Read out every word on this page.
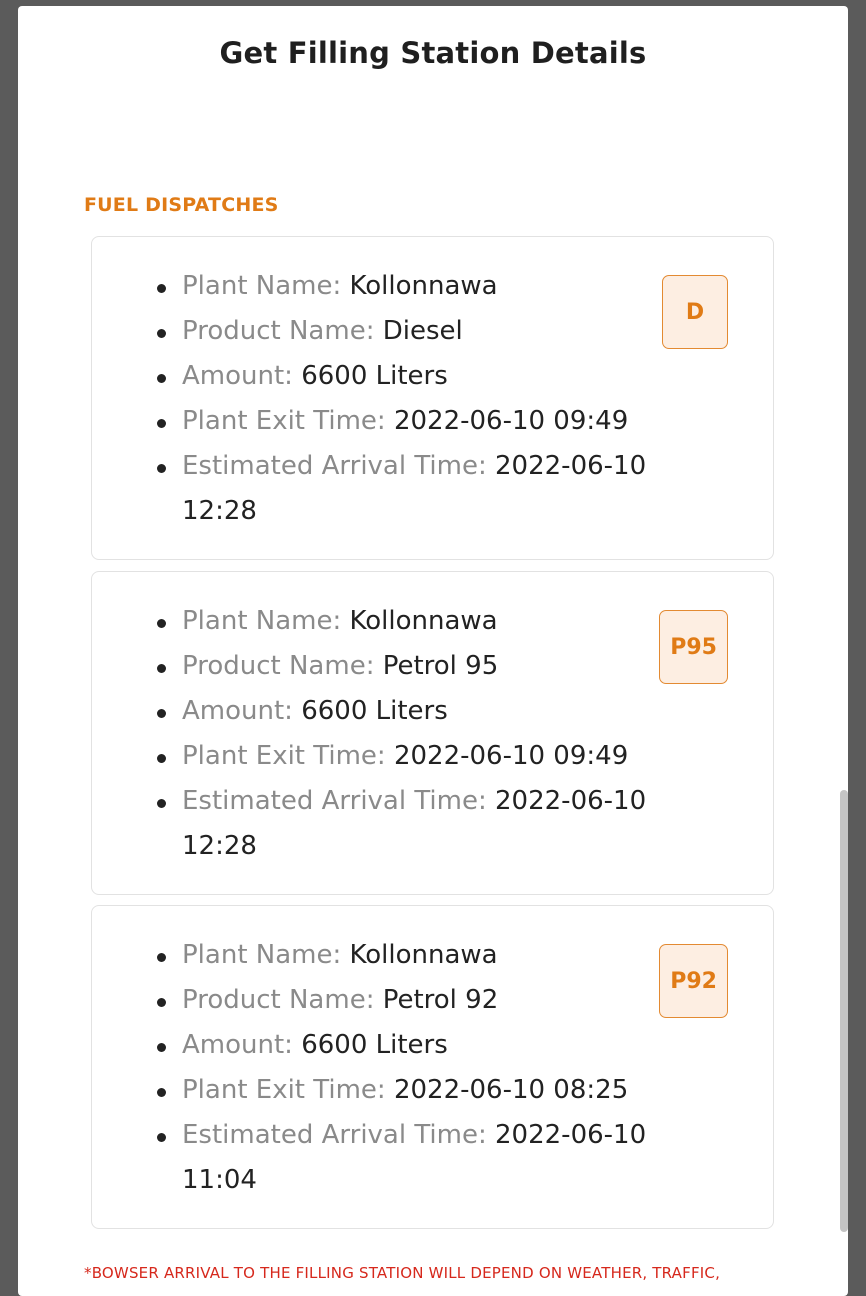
Get Filling Station Details
FUEL DISPATCHES
Plant Name: Kollonnawa
Product Name: Diesel
Amount: 6600 Liters
Plant Exit Time: 2022-06-10 09:49
Estimated Arrival Time: 2022-06-10 12:28
D
Plant Name: Kollonnawa
Product Name: Petrol 95
Amount: 6600 Liters
Plant Exit Time: 2022-06-10 09:49
Estimated Arrival Time: 2022-06-10 12:28
P95
Plant Name: Kollonnawa
Product Name: Petrol 92
Amount: 6600 Liters
Plant Exit Time: 2022-06-10 08:25
Estimated Arrival Time: 2022-06-10 11:04
P92
*BOWSER ARRIVAL TO THE FILLING STATION WILL DEPEND ON WEATHER, TRAFFIC,
